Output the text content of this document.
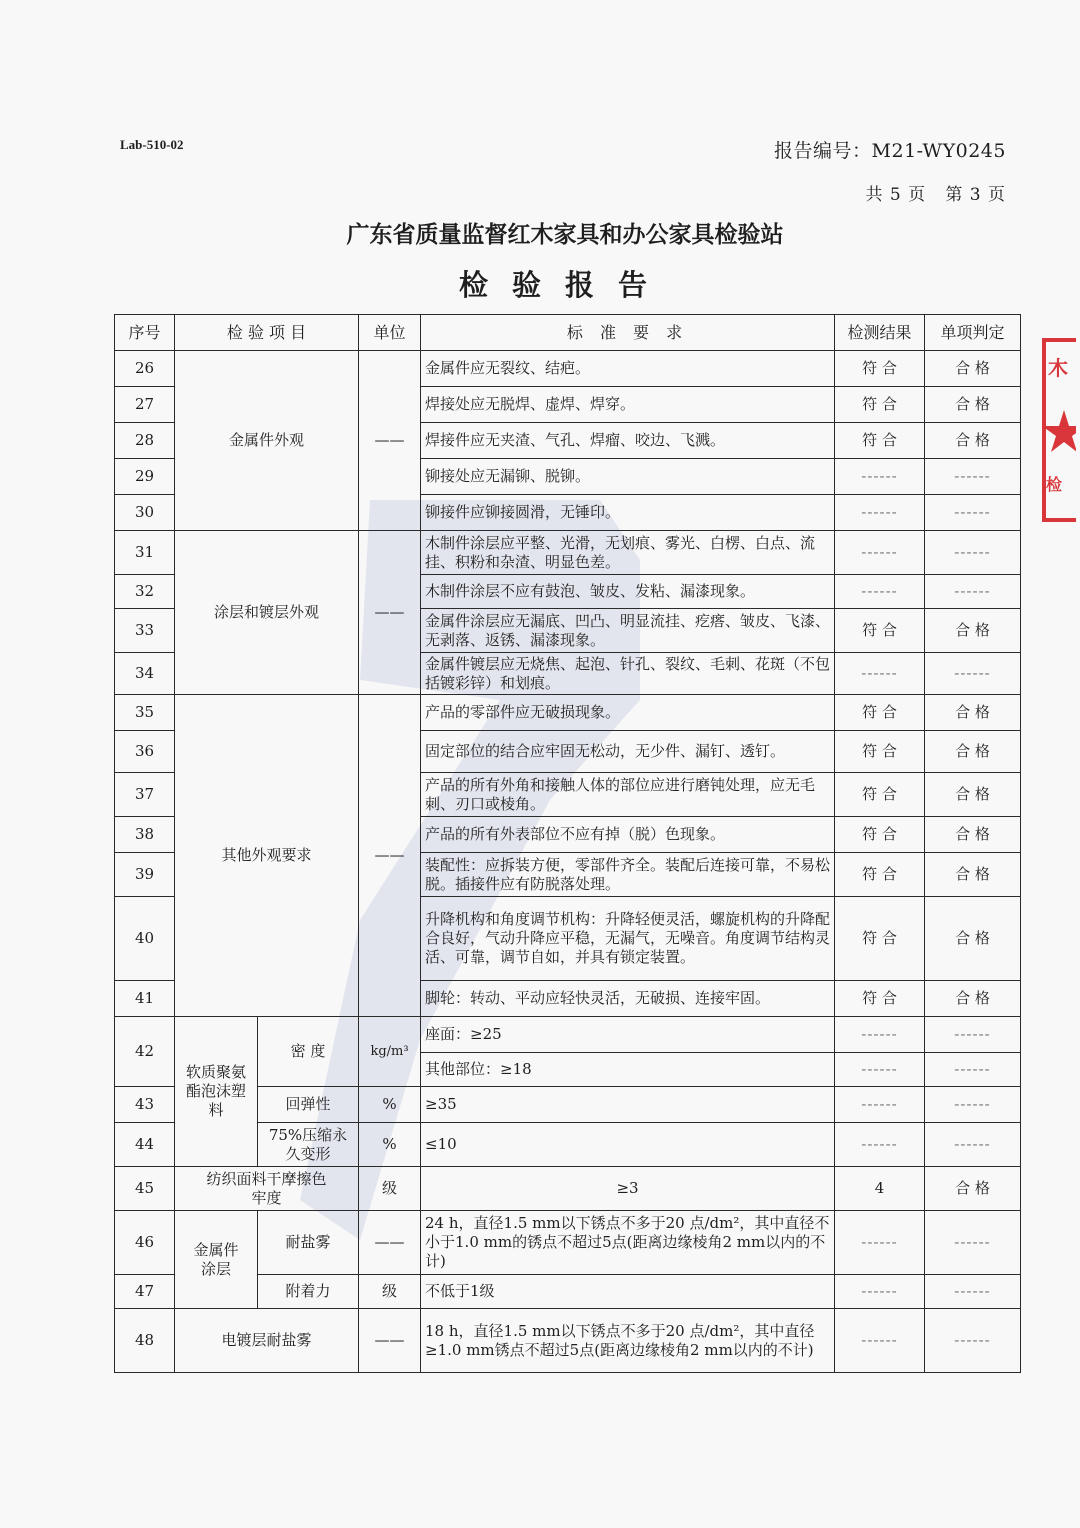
Lab-510-02	报告编号：M21-WY0245
共 5 页   第 3 页
广东省质量监督红木家具和办公家具检验站
检验报告
木
检
序号	检 验 项 目		单位	标 准 要 求	检测结果	单项判定
26	金属件外观		——	金属件应无裂纹、结疤。	符 合	合 格
27				焊接处应无脱焊、虚焊、焊穿。	符 合	合 格
28				焊接件应无夹渣、气孔、焊瘤、咬边、飞溅。	符 合	合 格
29				铆接处应无漏铆、脱铆。	------	------
30				铆接件应铆接圆滑，无锤印。	------	------
31	涂层和镀层外观		——	木制件涂层应平整、光滑，无划痕、雾光、白楞、白点、流挂、积粉和杂渣、明显色差。	------	------
32				木制件涂层不应有鼓泡、皱皮、发粘、漏漆现象。	------	------
33				金属件涂层应无漏底、凹凸、明显流挂、疙瘩、皱皮、飞漆、无剥落、返锈、漏漆现象。	符 合	合 格
34				金属件镀层应无烧焦、起泡、针孔、裂纹、毛刺、花斑（不包括镀彩锌）和划痕。	------	------
35	其他外观要求		——	产品的零部件应无破损现象。	符 合	合 格
36				固定部位的结合应牢固无松动，无少件、漏钉、透钉。	符 合	合 格
37				产品的所有外角和接触人体的部位应进行磨钝处理，应无毛刺、刃口或棱角。	符 合	合 格
38				产品的所有外表部位不应有掉（脱）色现象。	符 合	合 格
39				装配性：应拆装方便，零部件齐全。装配后连接可靠，不易松脱。插接件应有防脱落处理。	符 合	合 格
40				升降机构和角度调节机构：升降轻便灵活，螺旋机构的升降配合良好，气动升降应平稳，无漏气，无噪音。角度调节结构灵活、可靠，调节自如，并具有锁定装置。	符 合	合 格
41				脚轮：转动、平动应轻快灵活，无破损、连接牢固。	符 合	合 格
42	软质聚氨酯泡沫塑料	密 度	kg/m³	座面：≥25	------	------
				其他部位：≥18	------	------
43		回弹性	%	≥35	------	------
44		75%压缩永久变形	%	≤10	------	------
45	纺织面料干摩擦色牢度		级	≥3	4	合 格
46	金属件涂层	耐盐雾	——	24 h，直径1.5 mm以下锈点不多于20 点/dm²，其中直径不小于1.0 mm的锈点不超过5点(距离边缘棱角2 mm以内的不计)	------	------
47		附着力	级	不低于1级	------	------
48	电镀层耐盐雾		——	18 h，直径1.5 mm以下锈点不多于20 点/dm²，其中直径≥1.0 mm锈点不超过5点(距离边缘棱角2 mm以内的不计)	------	------
